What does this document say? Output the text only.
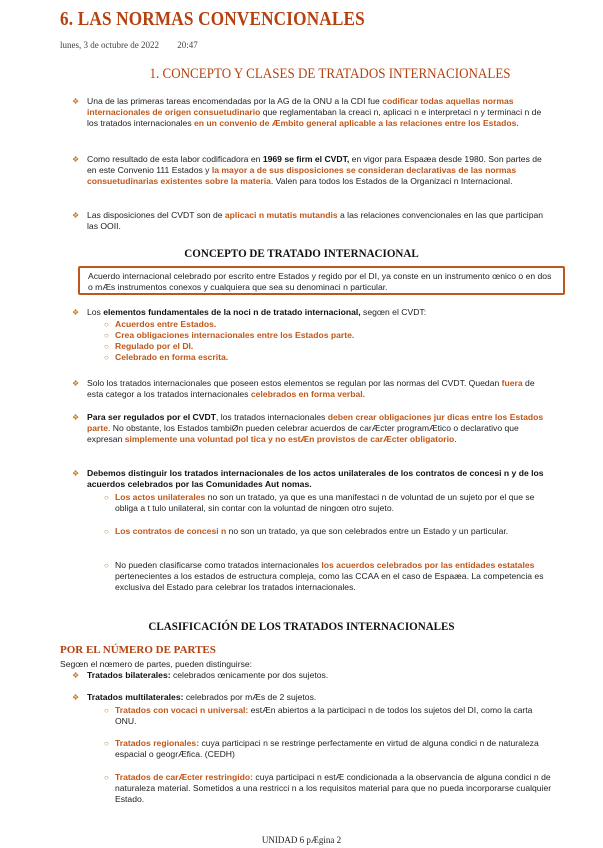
6. LAS NORMAS CONVENCIONALES
lunes, 3 de octubre de 2022 20:47
1. CONCEPTO Y CLASES DE TRATADOS INTERNACIONALES
❖ Una de las primeras tareas encomendadas por la AG de la ONU a la CDI fue codificar todas aquellas normas internacionales de origen consuetudinario que reglamentaban la creaci n, aplicaci n e interpretaci n y terminaci n de los tratados internacionales en un convenio de Æmbito general aplicable a las relaciones entre los Estados.
❖ Como resultado de esta labor codificadora en 1969 se firm el CVDT, en vigor para Espaæa desde 1980. Son partes de en este Convenio 111 Estados y la mayor a de sus disposiciones se consideran declarativas de las normas consuetudinarias existentes sobre la materia. Valen para todos los Estados de la Organizaci n Internacional.
❖ Las disposiciones del CVDT son de aplicaci n mutatis mutandis a las relaciones convencionales en las que participan las OOII.
CONCEPTO DE TRATADO INTERNACIONAL
Acuerdo internacional celebrado por escrito entre Estados y regido por el DI, ya conste en un instrumento œnico o en dos o mÆs instrumentos conexos y cualquiera que sea su denominaci n particular.
❖ Los elementos fundamentales de la noci n de tratado internacional, segœn el CVDT:
○ Acuerdos entre Estados.
○ Crea obligaciones internacionales entre los Estados parte.
○ Regulado por el DI.
○ Celebrado en forma escrita.
❖ Solo los tratados internacionales que poseen estos elementos se regulan por las normas del CVDT. Quedan fuera de esta categor a los tratados internacionales celebrados en forma verbal.
❖ Para ser regulados por el CVDT, los tratados internacionales deben crear obligaciones jur dicas entre los Estados parte. No obstante, los Estados tambiØn pueden celebrar acuerdos de carÆcter programÆtico o declarativo que expresan simplemente una voluntad pol tica y no estÆn provistos de carÆcter obligatorio.
❖ Debemos distinguir los tratados internacionales de los actos unilaterales de los contratos de concesi n y de los acuerdos celebrados por las Comunidades Aut nomas.
○ Los actos unilaterales no son un tratado, ya que es una manifestaci n de voluntad de un sujeto por el que se obliga a t tulo unilateral, sin contar con la voluntad de ningœn otro sujeto.
○ Los contratos de concesi n no son un tratado, ya que son celebrados entre un Estado y un particular.
○ No pueden clasificarse como tratados internacionales los acuerdos celebrados por las entidades estatales pertenecientes a los estados de estructura compleja, como las CCAA en el caso de Espaæa. La competencia es exclusiva del Estado para celebrar los tratados internacionales.
CLASIFICACIÓN DE LOS TRATADOS INTERNACIONALES
POR EL NÚMERO DE PARTES
Segœn el nœmero de partes, pueden distinguirse:
❖ Tratados bilaterales: celebrados œnicamente por dos sujetos.
❖ Tratados multilaterales: celebrados por mÆs de 2 sujetos.
○ Tratados con vocaci n universal: estÆn abiertos a la participaci n de todos los sujetos del DI, como la carta ONU.
○ Tratados regionales: cuya participaci n se restringe perfectamente en virtud de alguna condici n de naturaleza espacial o geogrÆfica. (CEDH)
○ Tratados de carÆcter restringido: cuya participaci n estÆ condicionada a la observancia de alguna condici n de naturaleza material. Sometidos a una restricci n a los requisitos material para que no pueda incorporarse cualquier Estado.
UNIDAD 6 pÆgina 2
